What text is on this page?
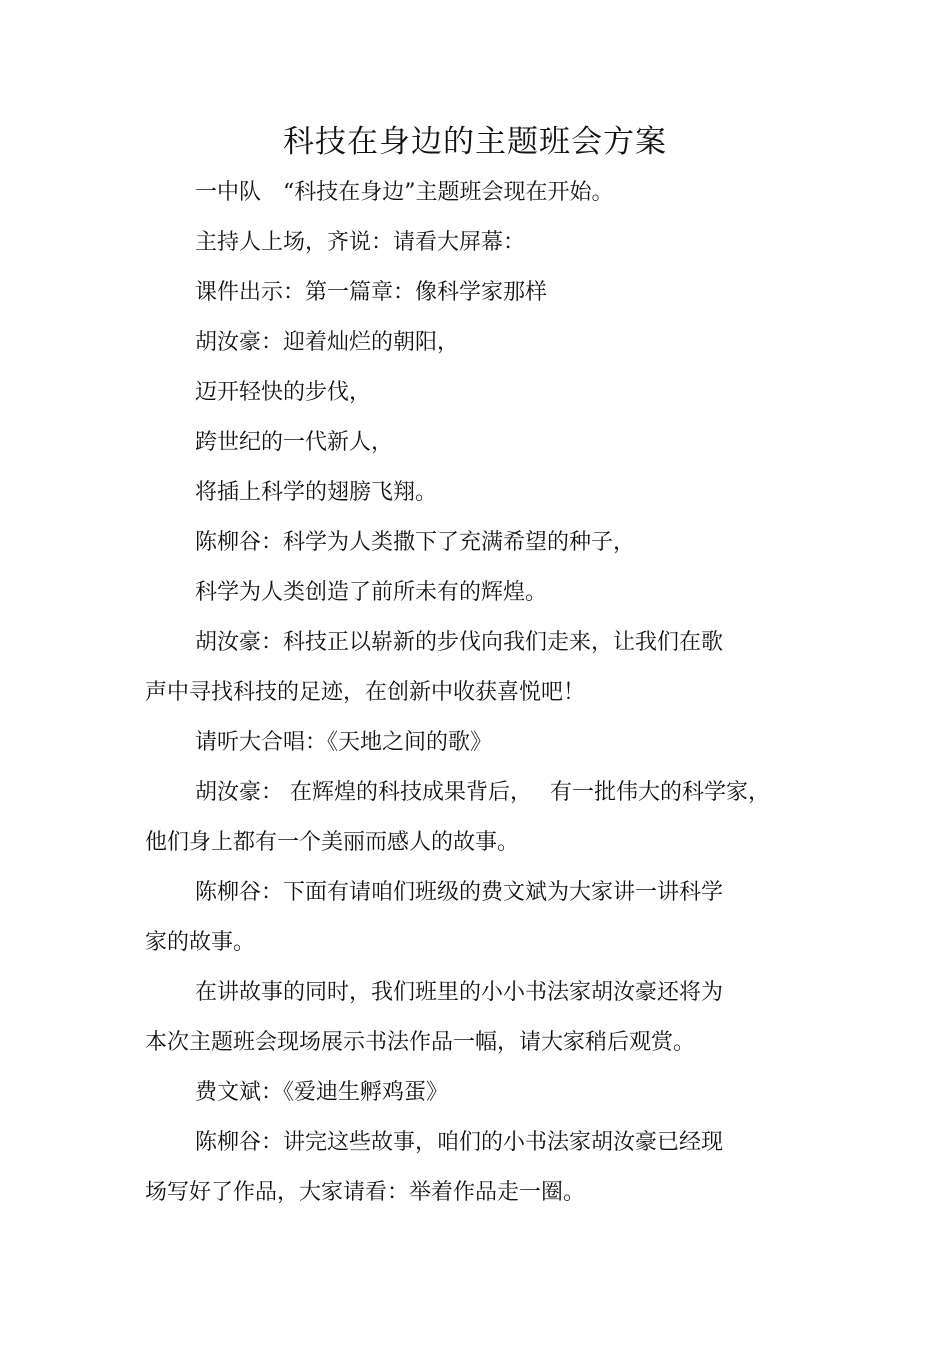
科技在身边的主题班会方案

一中队　“科技在身边”主题班会现在开始。

主持人上场，齐说：请看大屏幕：

课件出示：第一篇章：像科学家那样

胡汝豪：迎着灿烂的朝阳，

迈开轻快的步伐，

跨世纪的一代新人，

将插上科学的翅膀飞翔。

陈柳谷：科学为人类撒下了充满希望的种子，

科学为人类创造了前所未有的辉煌。

胡汝豪：科技正以崭新的步伐向我们走来，让我们在歌

声中寻找科技的足迹，在创新中收获喜悦吧！

请听大合唱：《天地之间的歌》

胡汝豪： 在辉煌的科技成果背后，　 有一批伟大的科学家，

他们身上都有一个美丽而感人的故事。

陈柳谷：下面有请咱们班级的费文斌为大家讲一讲科学

家的故事。

在讲故事的同时，我们班里的小小书法家胡汝豪还将为

本次主题班会现场展示书法作品一幅，请大家稍后观赏。

费文斌：《爱迪生孵鸡蛋》

陈柳谷：讲完这些故事，咱们的小书法家胡汝豪已经现

场写好了作品，大家请看：举着作品走一圈。
